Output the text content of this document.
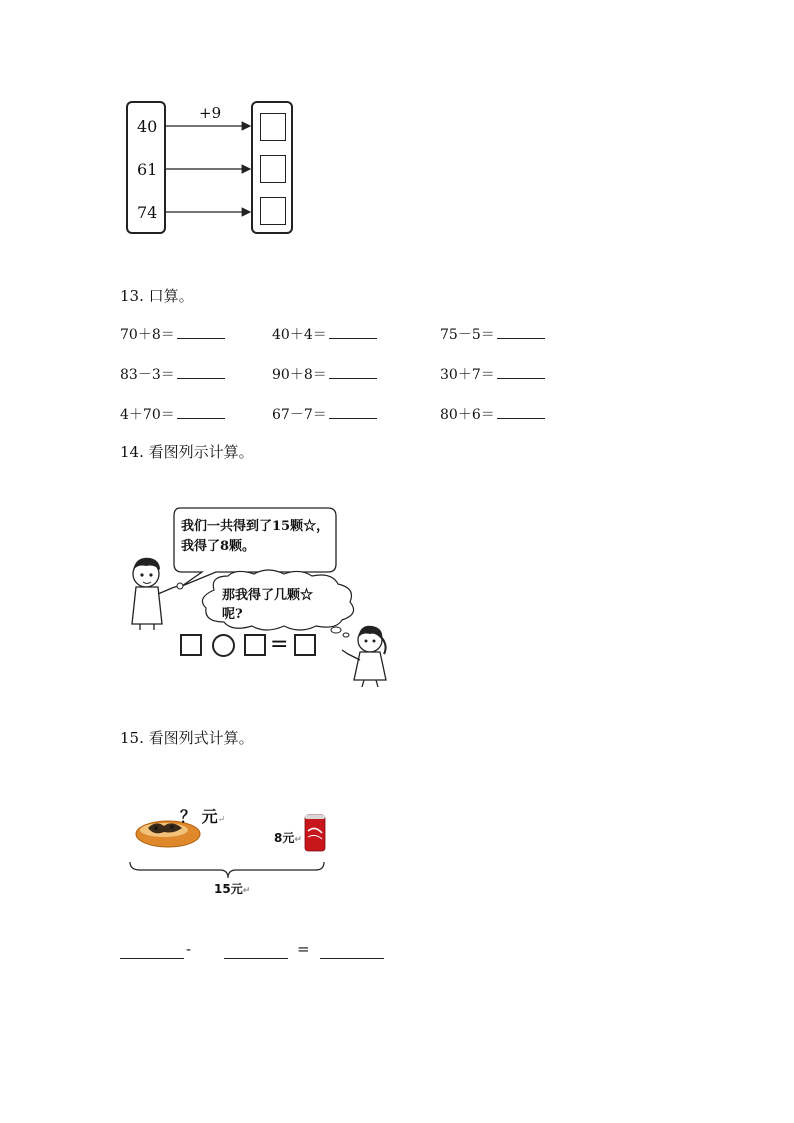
40
61
74
+9
13. 口算。
70＋8＝	40＋4＝	75－5＝
83－3＝	90＋8＝	30＋7＝
4＋70＝	67－7＝	80＋6＝
14. 看图列示计算。
我们一共得到了15颗☆，
我得了8颗。
那我得了几颗☆
呢?
=
15. 看图列式计算。
？ 元↵
8元↵
15元↵
-	=
